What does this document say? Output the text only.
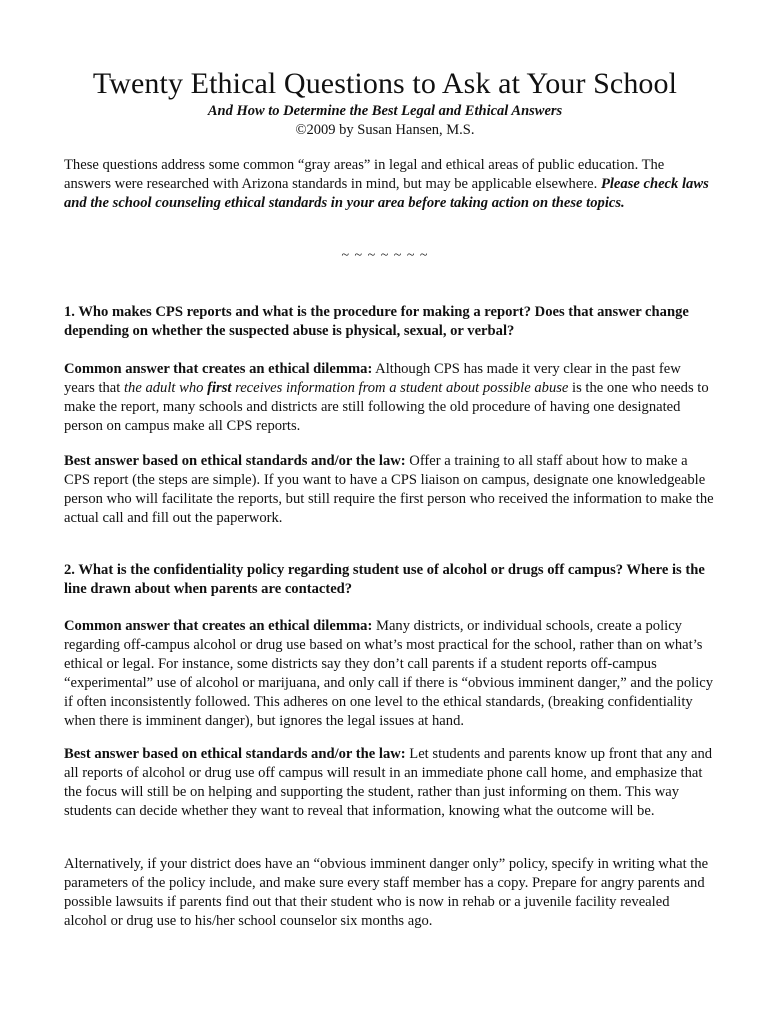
Twenty Ethical Questions to Ask at Your School
And How to Determine the Best Legal and Ethical Answers
©2009 by Susan Hansen, M.S.

These questions address some common “gray areas” in legal and ethical areas of public education. The answers were researched with Arizona standards in mind, but may be applicable elsewhere. Please check laws and the school counseling ethical standards in your area before taking action on these topics.

~ ~ ~ ~ ~ ~ ~

1. Who makes CPS reports and what is the procedure for making a report? Does that answer change depending on whether the suspected abuse is physical, sexual, or verbal?

Common answer that creates an ethical dilemma: Although CPS has made it very clear in the past few years that the adult who first receives information from a student about possible abuse is the one who needs to make the report, many schools and districts are still following the old procedure of having one designated person on campus make all CPS reports.

Best answer based on ethical standards and/or the law: Offer a training to all staff about how to make a CPS report (the steps are simple). If you want to have a CPS liaison on campus, designate one knowledgeable person who will facilitate the reports, but still require the first person who received the information to make the actual call and fill out the paperwork.

2. What is the confidentiality policy regarding student use of alcohol or drugs off campus? Where is the line drawn about when parents are contacted?

Common answer that creates an ethical dilemma: Many districts, or individual schools, create a policy regarding off-campus alcohol or drug use based on what’s most practical for the school, rather than on what’s ethical or legal. For instance, some districts say they don’t call parents if a student reports off-campus “experimental” use of alcohol or marijuana, and only call if there is “obvious imminent danger,” and the policy if often inconsistently followed. This adheres on one level to the ethical standards, (breaking confidentiality when there is imminent danger), but ignores the legal issues at hand.

Best answer based on ethical standards and/or the law: Let students and parents know up front that any and all reports of alcohol or drug use off campus will result in an immediate phone call home, and emphasize that the focus will still be on helping and supporting the student, rather than just informing on them. This way students can decide whether they want to reveal that information, knowing what the outcome will be.

Alternatively, if your district does have an “obvious imminent danger only” policy, specify in writing what the parameters of the policy include, and make sure every staff member has a copy. Prepare for angry parents and possible lawsuits if parents find out that their student who is now in rehab or a juvenile facility revealed alcohol or drug use to his/her school counselor six months ago.
